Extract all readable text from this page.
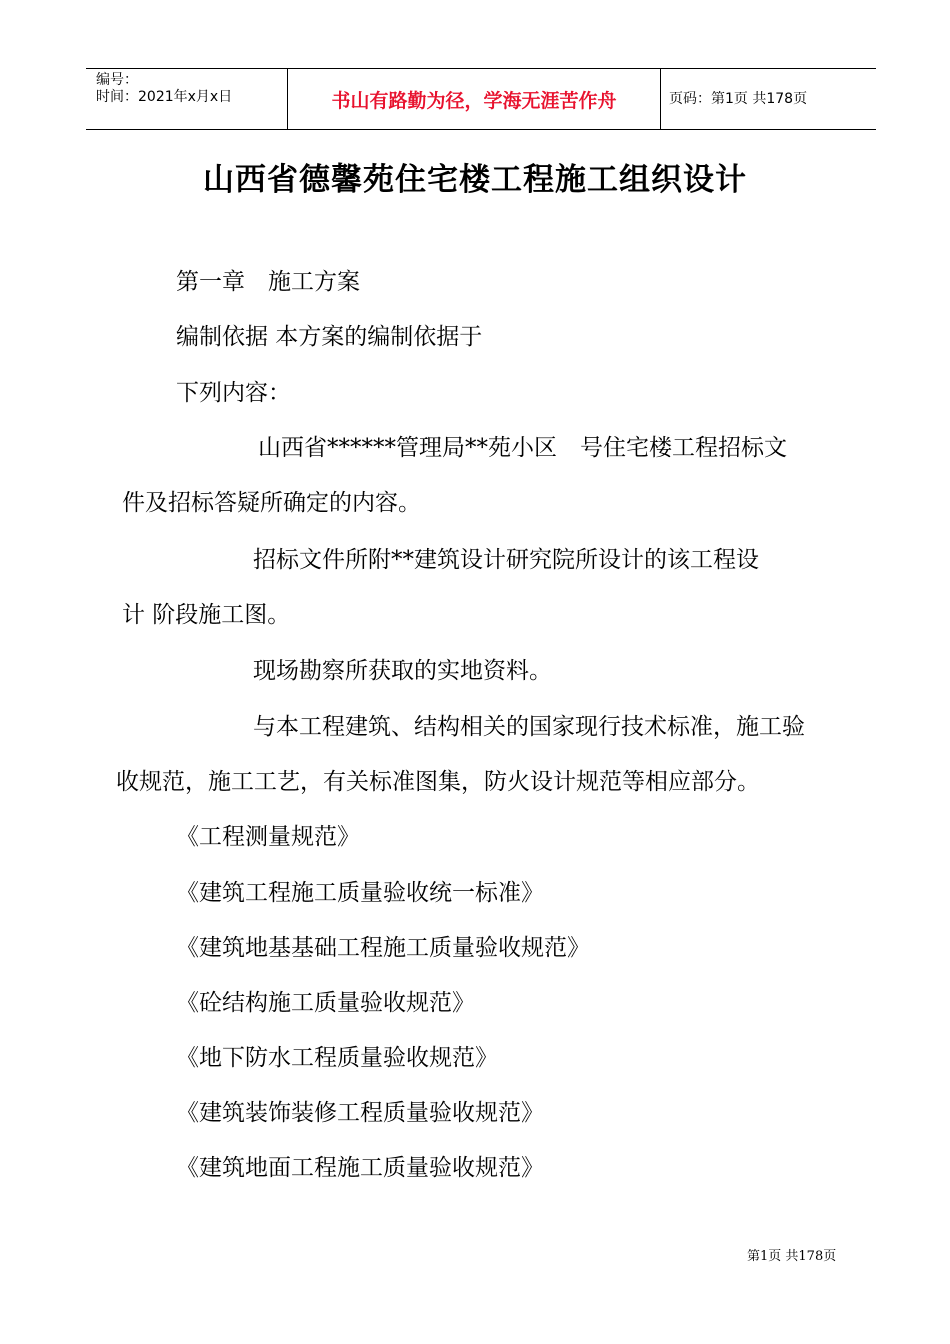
编号：
时间：2021年x月x日	书山有路勤为径，学海无涯苦作舟	页码：第1页 共178页
山西省德馨苑住宅楼工程施工组织设计
第一章　施工方案
编制依据 本方案的编制依据于
下列内容：
山西省******管理局**苑小区　号住宅楼工程招标文
件及招标答疑所确定的内容。
招标文件所附**建筑设计研究院所设计的该工程设
计 阶段施工图。
现场勘察所获取的实地资料。
与本工程建筑、结构相关的国家现行技术标准，施工验
收规范，施工工艺，有关标准图集，防火设计规范等相应部分。
《工程测量规范》
《建筑工程施工质量验收统一标准》
《建筑地基基础工程施工质量验收规范》
《砼结构施工质量验收规范》
《地下防水工程质量验收规范》
《建筑装饰装修工程质量验收规范》
《建筑地面工程施工质量验收规范》
第1页 共178页
